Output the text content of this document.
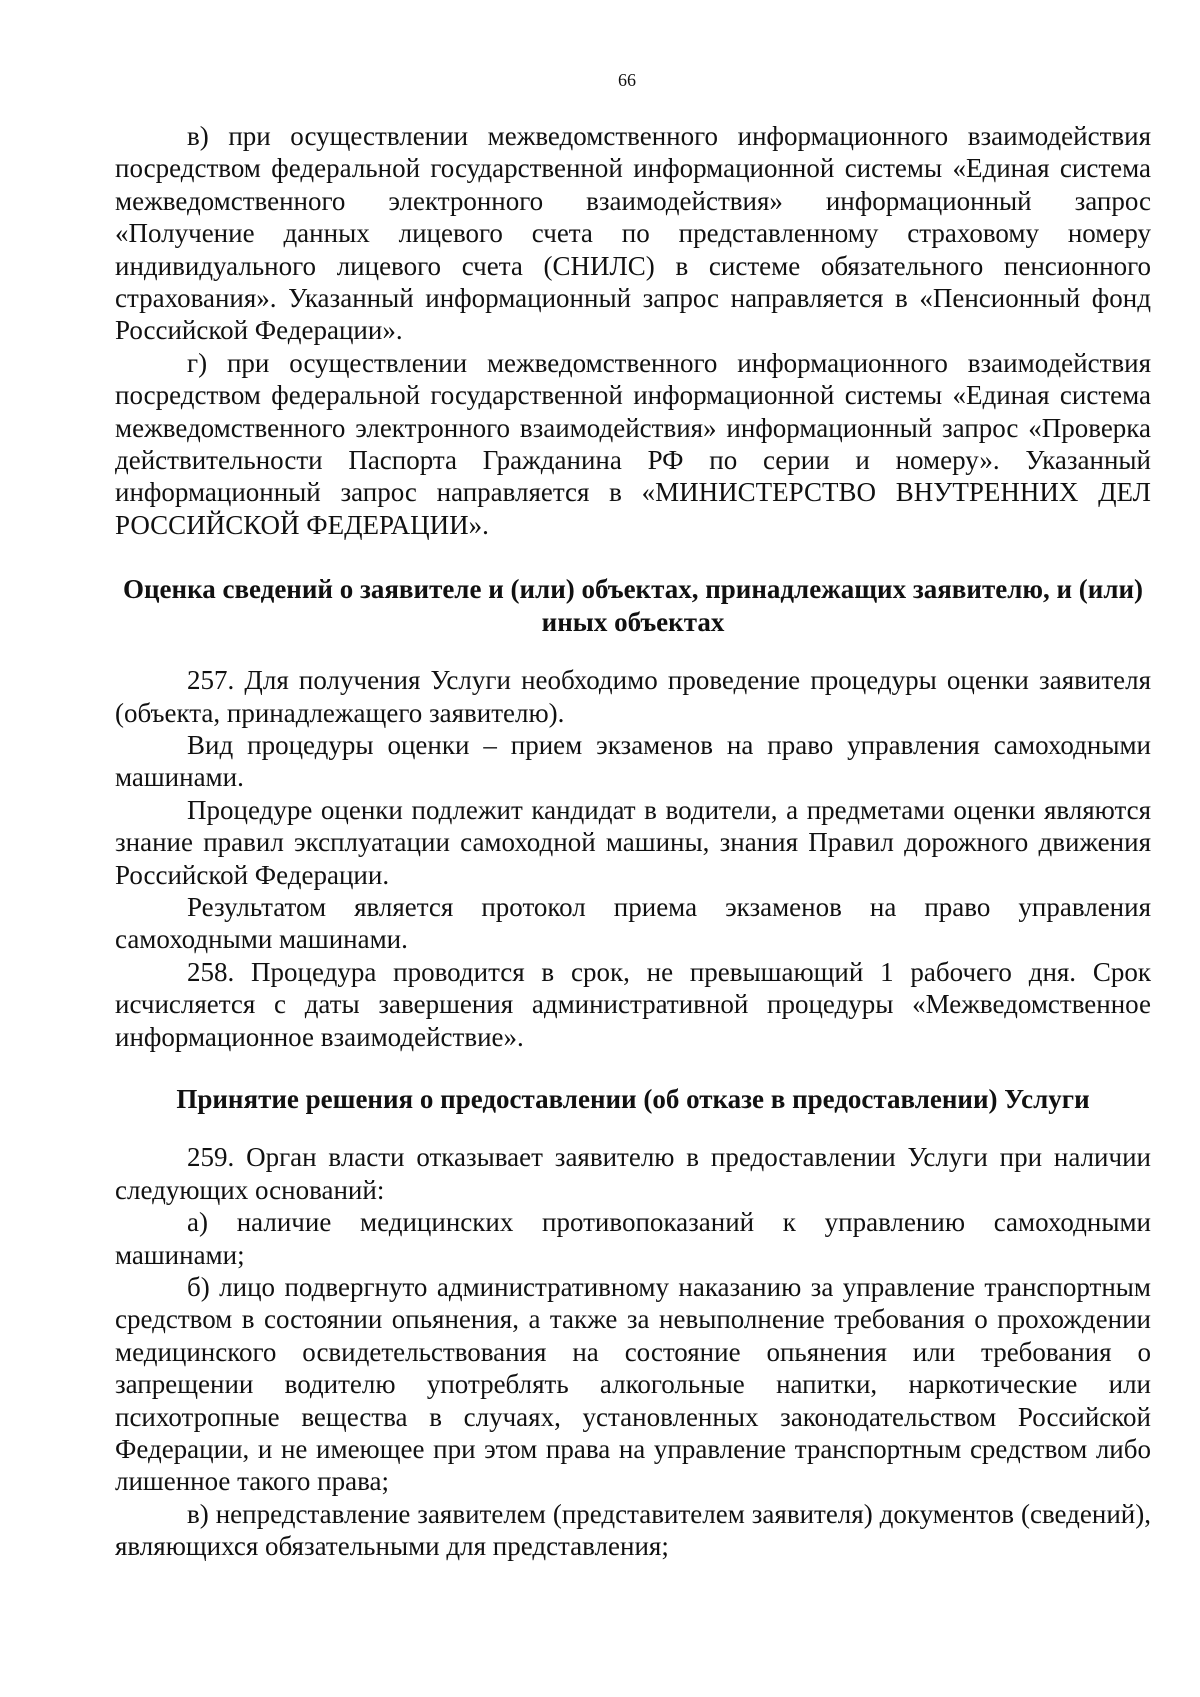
66

в) при осуществлении межведомственного информационного взаимодействия посредством федеральной государственной информационной системы «Единая система межведомственного электронного взаимодействия» информационный запрос «Получение данных лицевого счета по представленному страховому номеру индивидуального лицевого счета (СНИЛС) в системе обязательного пенсионного страхования». Указанный информационный запрос направляется в «Пенсионный фонд Российской Федерации».

г) при осуществлении межведомственного информационного взаимодействия посредством федеральной государственной информационной системы «Единая система межведомственного электронного взаимодействия» информационный запрос «Проверка действительности Паспорта Гражданина РФ по серии и номеру». Указанный информационный запрос направляется в «МИНИСТЕРСТВО ВНУТРЕННИХ ДЕЛ РОССИЙСКОЙ ФЕДЕРАЦИИ».

Оценка сведений о заявителе и (или) объектах, принадлежащих заявителю, и (или) иных объектах

257. Для получения Услуги необходимо проведение процедуры оценки заявителя (объекта, принадлежащего заявителю).

Вид процедуры оценки – прием экзаменов на право управления самоходными машинами.

Процедуре оценки подлежит кандидат в водители, а предметами оценки являются знание правил эксплуатации самоходной машины, знания Правил дорожного движения Российской Федерации.

Результатом является протокол приема экзаменов на право управления самоходными машинами.

258. Процедура проводится в срок, не превышающий 1 рабочего дня. Срок исчисляется с даты завершения административной процедуры «Межведомственное информационное взаимодействие».

Принятие решения о предоставлении (об отказе в предоставлении) Услуги

259. Орган власти отказывает заявителю в предоставлении Услуги при наличии следующих оснований:

а) наличие медицинских противопоказаний к управлению самоходными машинами;

б) лицо подвергнуто административному наказанию за управление транспортным средством в состоянии опьянения, а также за невыполнение требования о прохождении медицинского освидетельствования на состояние опьянения или требования о запрещении водителю употреблять алкогольные напитки, наркотические или психотропные вещества в случаях, установленных законодательством Российской Федерации, и не имеющее при этом права на управление транспортным средством либо лишенное такого права;

в) непредставление заявителем (представителем заявителя) документов (сведений), являющихся обязательными для представления;
